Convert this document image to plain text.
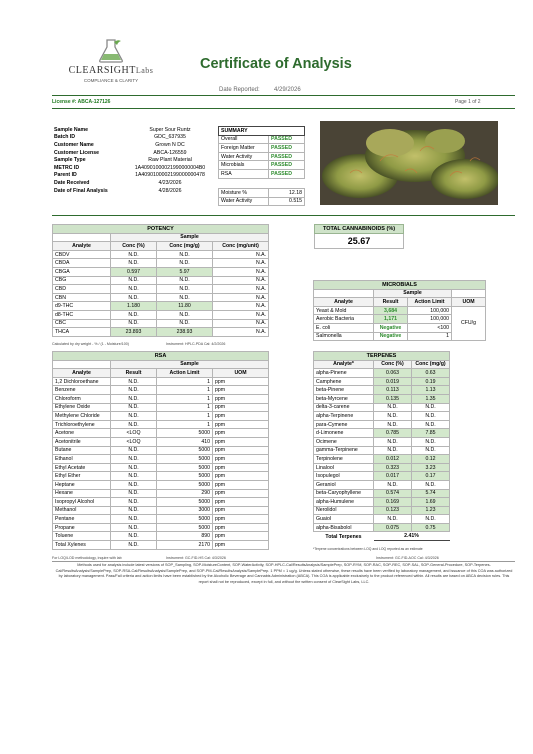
CLEARSIGHTLabs
COMPLIANCE & CLARITY
Certificate of Analysis
Date Reported: 4/29/2026
License #: ABCA-127126	Page 1 of 2
Sample Name	Super Sour Runtz
Batch ID	GDC_637935
Customer Name	Grown N DC
Customer License	ABCA-126559
Sample Type	Raw Plant Material
METRC ID	1A40901000021990000004B0
Parent ID	1A4090100002199000000478
Date Received	4/23/2026
Date of Final Analysis	4/28/2026
SUMMARY	
Overall	PASSED
Foreign Matter	PASSED
Water Activity	PASSED
Microbials	PASSED
RSA	PASSED
Moisture %	12.18
Water Activity	0.515
POTENCY			
	Sample		
Analyte	Conc (%)	Conc (mg/g)	Conc (mg/unit)
CBDV	N.D.	N.D.	N.A.
CBDA	N.D.	N.D.	N.A.
CBGA	0.597	5.97	N.A.
CBG	N.D.	N.D.	N.A.
CBD	N.D.	N.D.	N.A.
CBN	N.D.	N.D.	N.A.
d9-THC	1.180	11.80	N.A.
d8-THC	N.D.	N.D.	N.A.
CBC	N.D.	N.D.	N.A.
THCA	23.893	238.93	N.A.
Calculated by dry weight - % / (1 - Moisture/100)	Instrument: HPLC-PDA Cal: 4/2/2026
TOTAL CANNABINOIDS (%)
25.67
MICROBIALS			
	Sample		
Analyte	Result	Action Limit	UOM
Yeast & Mold	3,684	100,000	CFU/g
Aerobic Bacteria	1,171	100,000	
E. coli	Negative	<100	
Salmonella	Negative	1	
RSA			
	Sample		
Analyte	Result	Action Limit	UOM
1,2 Dichloroethane	N.D.	1	ppm
Benzene	N.D.	1	ppm
Chloroform	N.D.	1	ppm
Ethylene Oxide	N.D.	1	ppm
Methylene Chloride	N.D.	1	ppm
Trichloroethylene	N.D.	1	ppm
Acetone	<LOQ	5000	ppm
Acetonitrile	<LOQ	410	ppm
Butane	N.D.	5000	ppm
Ethanol	N.D.	5000	ppm
Ethyl Acetate	N.D.	5000	ppm
Ethyl Ether	N.D.	5000	ppm
Heptane	N.D.	5000	ppm
Hexane	N.D.	290	ppm
Isopropyl Alcohol	N.D.	5000	ppm
Methanol	N.D.	3000	ppm
Pentane	N.D.	5000	ppm
Propane	N.D.	5000	ppm
Toluene	N.D.	890	ppm
Total Xylenes	N.D.	2170	ppm
For LOQ/LOD methodology, inquire with lab	Instrument: GC-FID-HS Cal: 4/3/2026
TERPENES		
Analyte*	Conc (%)	Conc (mg/g)
alpha-Pinene	0.063	0.63
Camphene	0.019	0.19
beta-Pinene	0.113	1.13
beta-Myrcene	0.135	1.35
delta-3-carene	N.D.	N.D.
alpha-Terpinene	N.D.	N.D.
para-Cymene	N.D.	N.D.
d-Limonene	0.785	7.85
Ocimene	N.D.	N.D.
gamma-Terpinene	N.D.	N.D.
Terpinolene	0.012	0.12
Linalool	0.323	3.23
Isopulegol	0.017	0.17
Geraniol	N.D.	N.D.
beta-Caryophyllene	0.574	5.74
alpha-Humulene	0.169	1.69
Nerolidol	0.123	1.23
Guaiol	N.D.	N.D.
alpha-Bisabolol	0.075	0.75
Total Terpenes	2.41%	
*Terpene concentrations between LOQ and LOQ reported as an estimate
Instrument: GC-FID-AOC Cal: 4/3/2026
Methods used for analysis include latest versions of SOP_Sampling, SOP-MoistureContent, SOP-WaterActivity, SOP-HPLC-Cal/ResultsAnalysis/SamplePrep, SOP-RYM, SOP-RAC, SOP-REC, SOP-SAL, SOP-General-Procedure, SOP-Terpenes-Cal/ResultsAnalysis/SamplePrep, SOP-RSA-Cal/ResultsAnalysis/SamplePrep, and SOP-PM-Cal/ResultsAnalysis/SamplePrep. 1 PPM = 1 ug/g. Unless stated otherwise, these results have been verified by laboratory management, and issuance of this COA was authorized by laboratory management. Pass/Fail criteria and action limits have been established by the Alcoholic Beverage and Cannabis Administration (ABCA). This COA is applicable exclusively to the product referenced within. All results are based on ABCA decision rules. This report shall not be reproduced, except in full, and without the written consent of ClearSight Labs, LLC.
